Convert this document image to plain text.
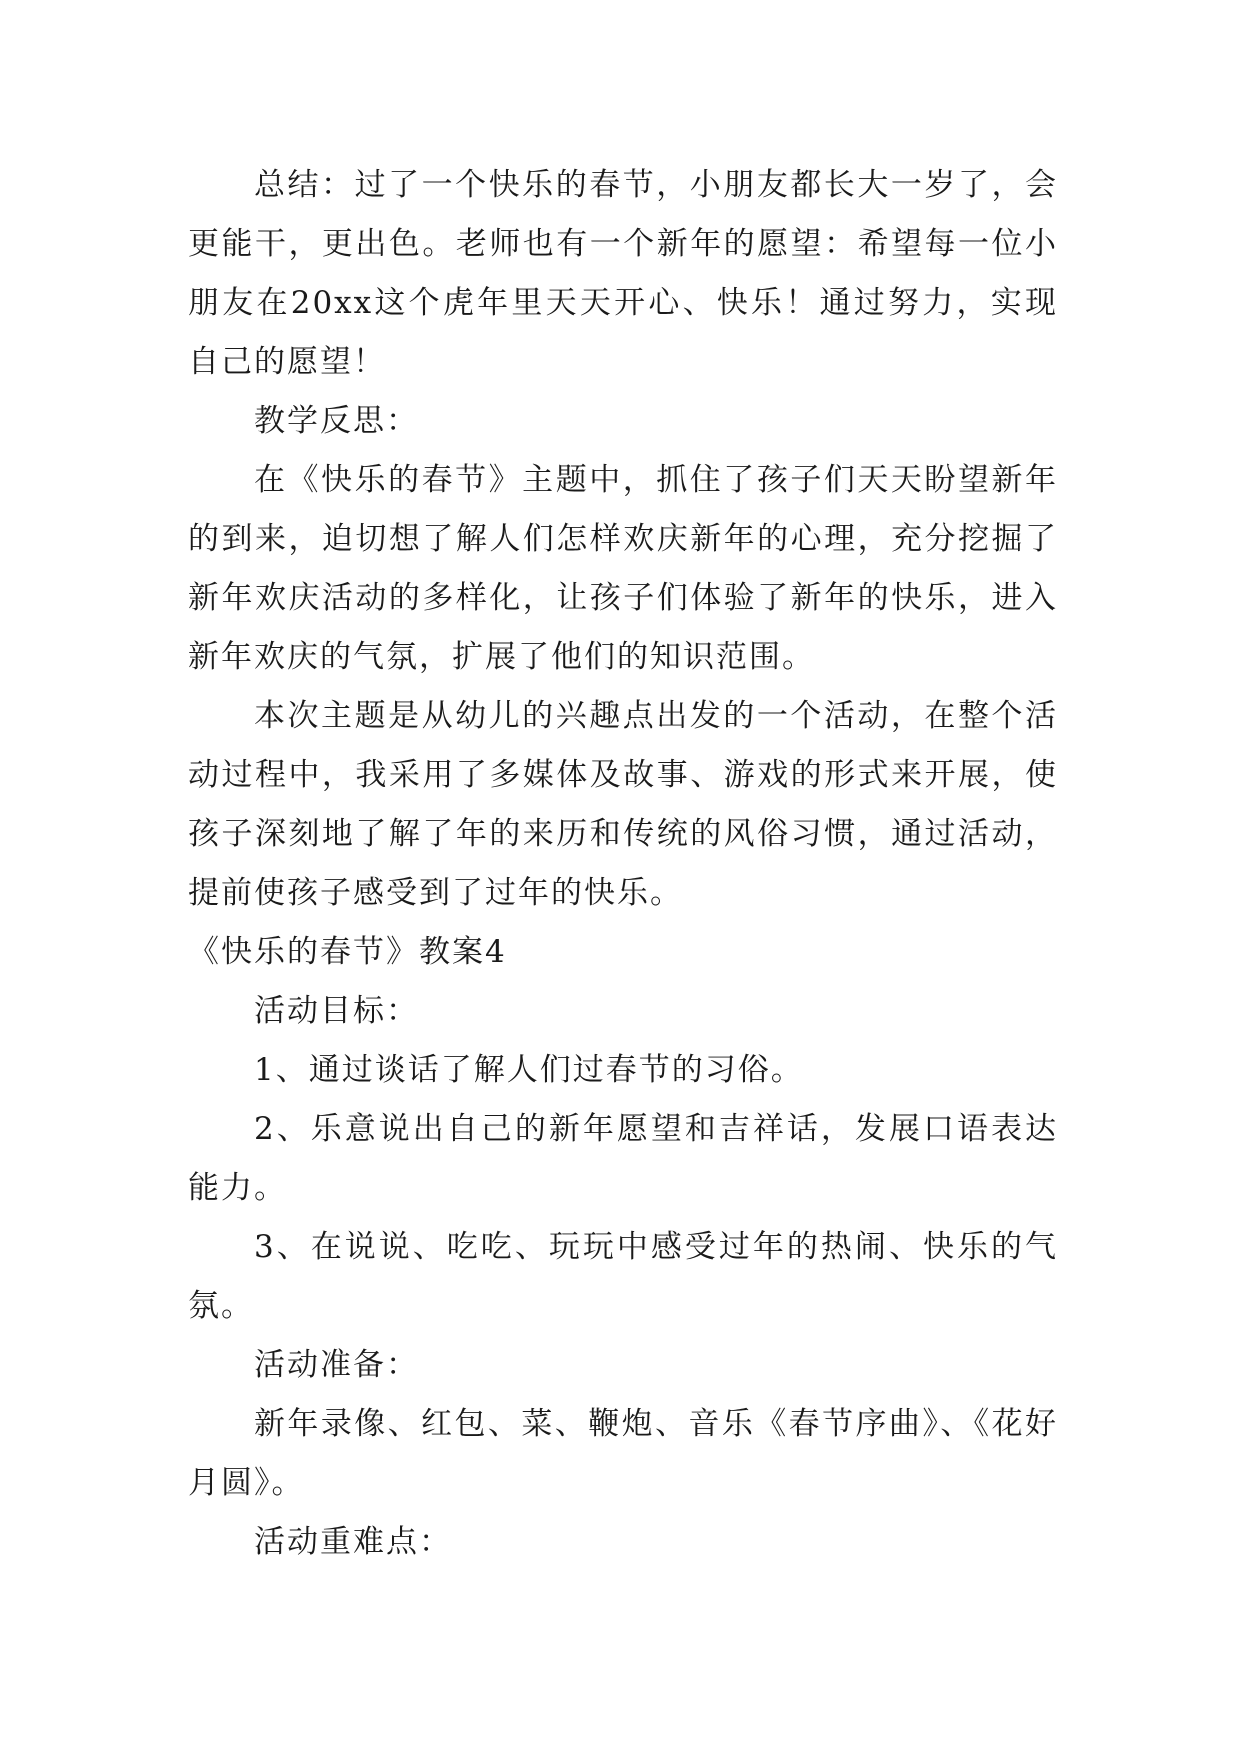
总结：过了一个快乐的春节，小朋友都长大一岁了，会更能干，更出色。老师也有一个新年的愿望：希望每一位小朋友在20xx这个虎年里天天开心、快乐！通过努力，实现自己的愿望！

教学反思：

在《快乐的春节》主题中，抓住了孩子们天天盼望新年的到来，迫切想了解人们怎样欢庆新年的心理，充分挖掘了新年欢庆活动的多样化，让孩子们体验了新年的快乐，进入新年欢庆的气氛，扩展了他们的知识范围。

本次主题是从幼儿的兴趣点出发的一个活动，在整个活动过程中，我采用了多媒体及故事、游戏的形式来开展，使孩子深刻地了解了年的来历和传统的风俗习惯，通过活动，提前使孩子感受到了过年的快乐。

《快乐的春节》教案4

活动目标：

1、通过谈话了解人们过春节的习俗。

2、乐意说出自己的新年愿望和吉祥话，发展口语表达能力。

3、在说说、吃吃、玩玩中感受过年的热闹、快乐的气氛。

活动准备：

新年录像、红包、菜、鞭炮、音乐《春节序曲》、《花好月圆》。

活动重难点：
